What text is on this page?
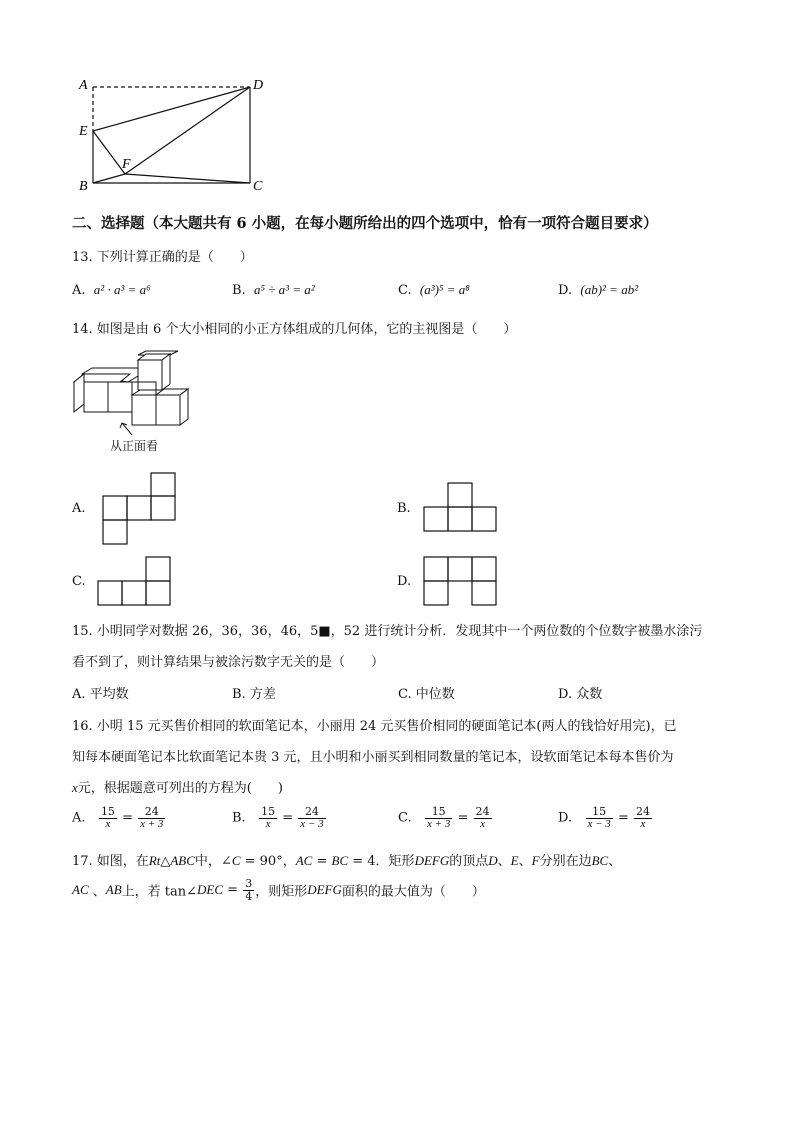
A	D
E
F
B	C
二、选择题（本大题共有 6 小题，在每小题所给出的四个选项中，恰有一项符合题目要求）
13. 下列计算正确的是（　　）
A. a² · a³ = a⁶	B. a⁵ ÷ a³ = a²	C. (a³)⁵ = a⁸	D. (ab)² = ab²
14. 如图是由 6 个大小相同的小正方体组成的几何体，它的主视图是（　　）
从正面看
A.	B.
C.	D.
15. 小明同学对数据 26，36，36，46，5■，52 进行统计分析．发现其中一个两位数的个位数字被墨水涂污
看不到了，则计算结果与被涂污数字无关的是（　　）
A. 平均数	B. 方差	C. 中位数	D. 众数
16. 小明 15 元买售价相同的软面笔记本，小丽用 24 元买售价相同的硬面笔记本(两人的钱恰好用完)，已
知每本硬面笔记本比软面笔记本贵 3 元，且小明和小丽买到相同数量的笔记本，设软面笔记本每本售价为
x元，根据题意可列出的方程为(　　)
A. $\frac{15}{x} = \frac{24}{x + 3}$	B. $\frac{15}{x} = \frac{24}{x - 3}$	C. $\frac{15}{x + 3} = \frac{24}{x}$	D. $\frac{15}{x - 3} = \frac{24}{x}$
17. 如图，在Rt△ABC中，∠C = 90°，AC = BC = 4．矩形DEFG的顶点D、E、F分别在边BC、
AC 、AB上，若 tan∠DEC = $\frac{3}{4}$ ，则矩形DEFG面积的最大值为（　　）
